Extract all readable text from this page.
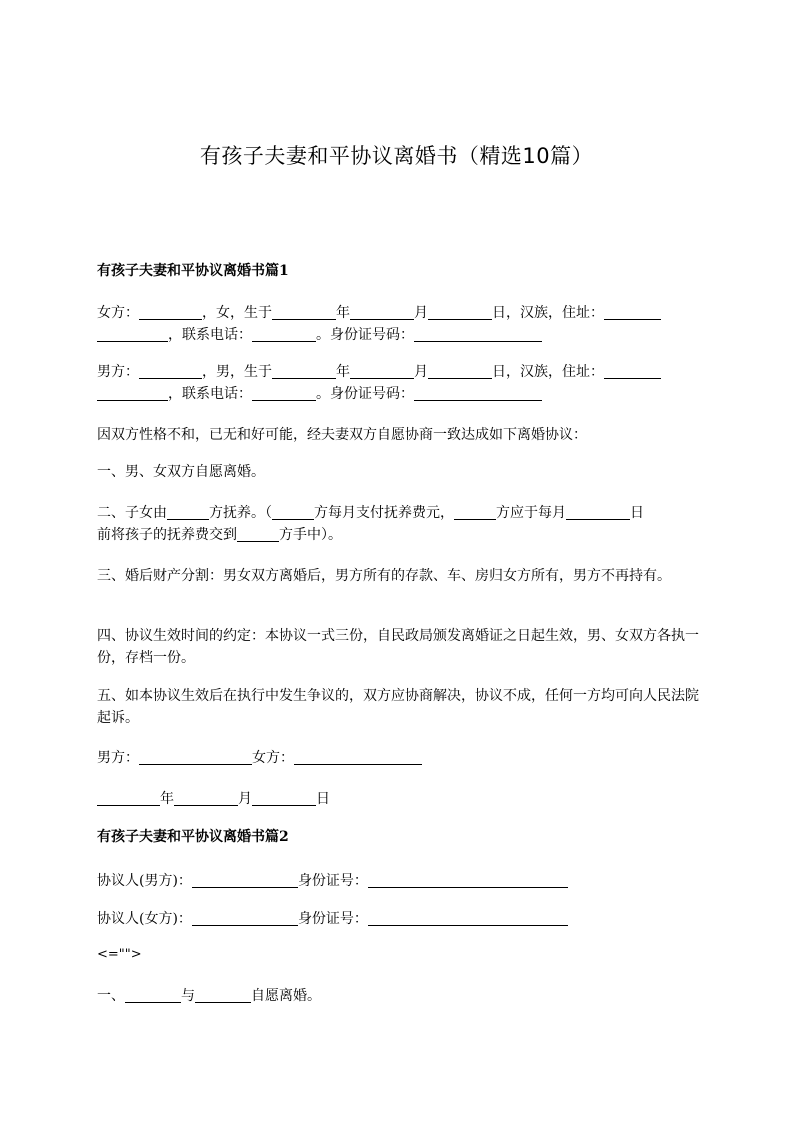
有孩子夫妻和平协议离婚书（精选10篇）
有孩子夫妻和平协议离婚书篇1
女方：	，女，生于	年	月	日，汉族，住址：
，联系电话：	。身份证号码：
男方：	，男，生于	年	月	日，汉族，住址：
，联系电话：	。身份证号码：
因双方性格不和，已无和好可能，经夫妻双方自愿协商一致达成如下离婚协议：
一、男、女双方自愿离婚。
二、子女由	方抚养。（	方每月支付抚养费元，	方应于每月	日
前将孩子的抚养费交到	方手中）。
三、婚后财产分割：男女双方离婚后，男方所有的存款、车、房归女方所有，男方不再持有。
四、协议生效时间的约定：本协议一式三份，自民政局颁发离婚证之日起生效，男、女双方各执一份，存档一份。
五、如本协议生效后在执行中发生争议的，双方应协商解决，协议不成，任何一方均可向人民法院起诉。
男方：	女方：
年	月	日
有孩子夫妻和平协议离婚书篇2
协议人(男方)：	身份证号：
协议人(女方)：	身份证号：
<="">
一、	与	自愿离婚。
